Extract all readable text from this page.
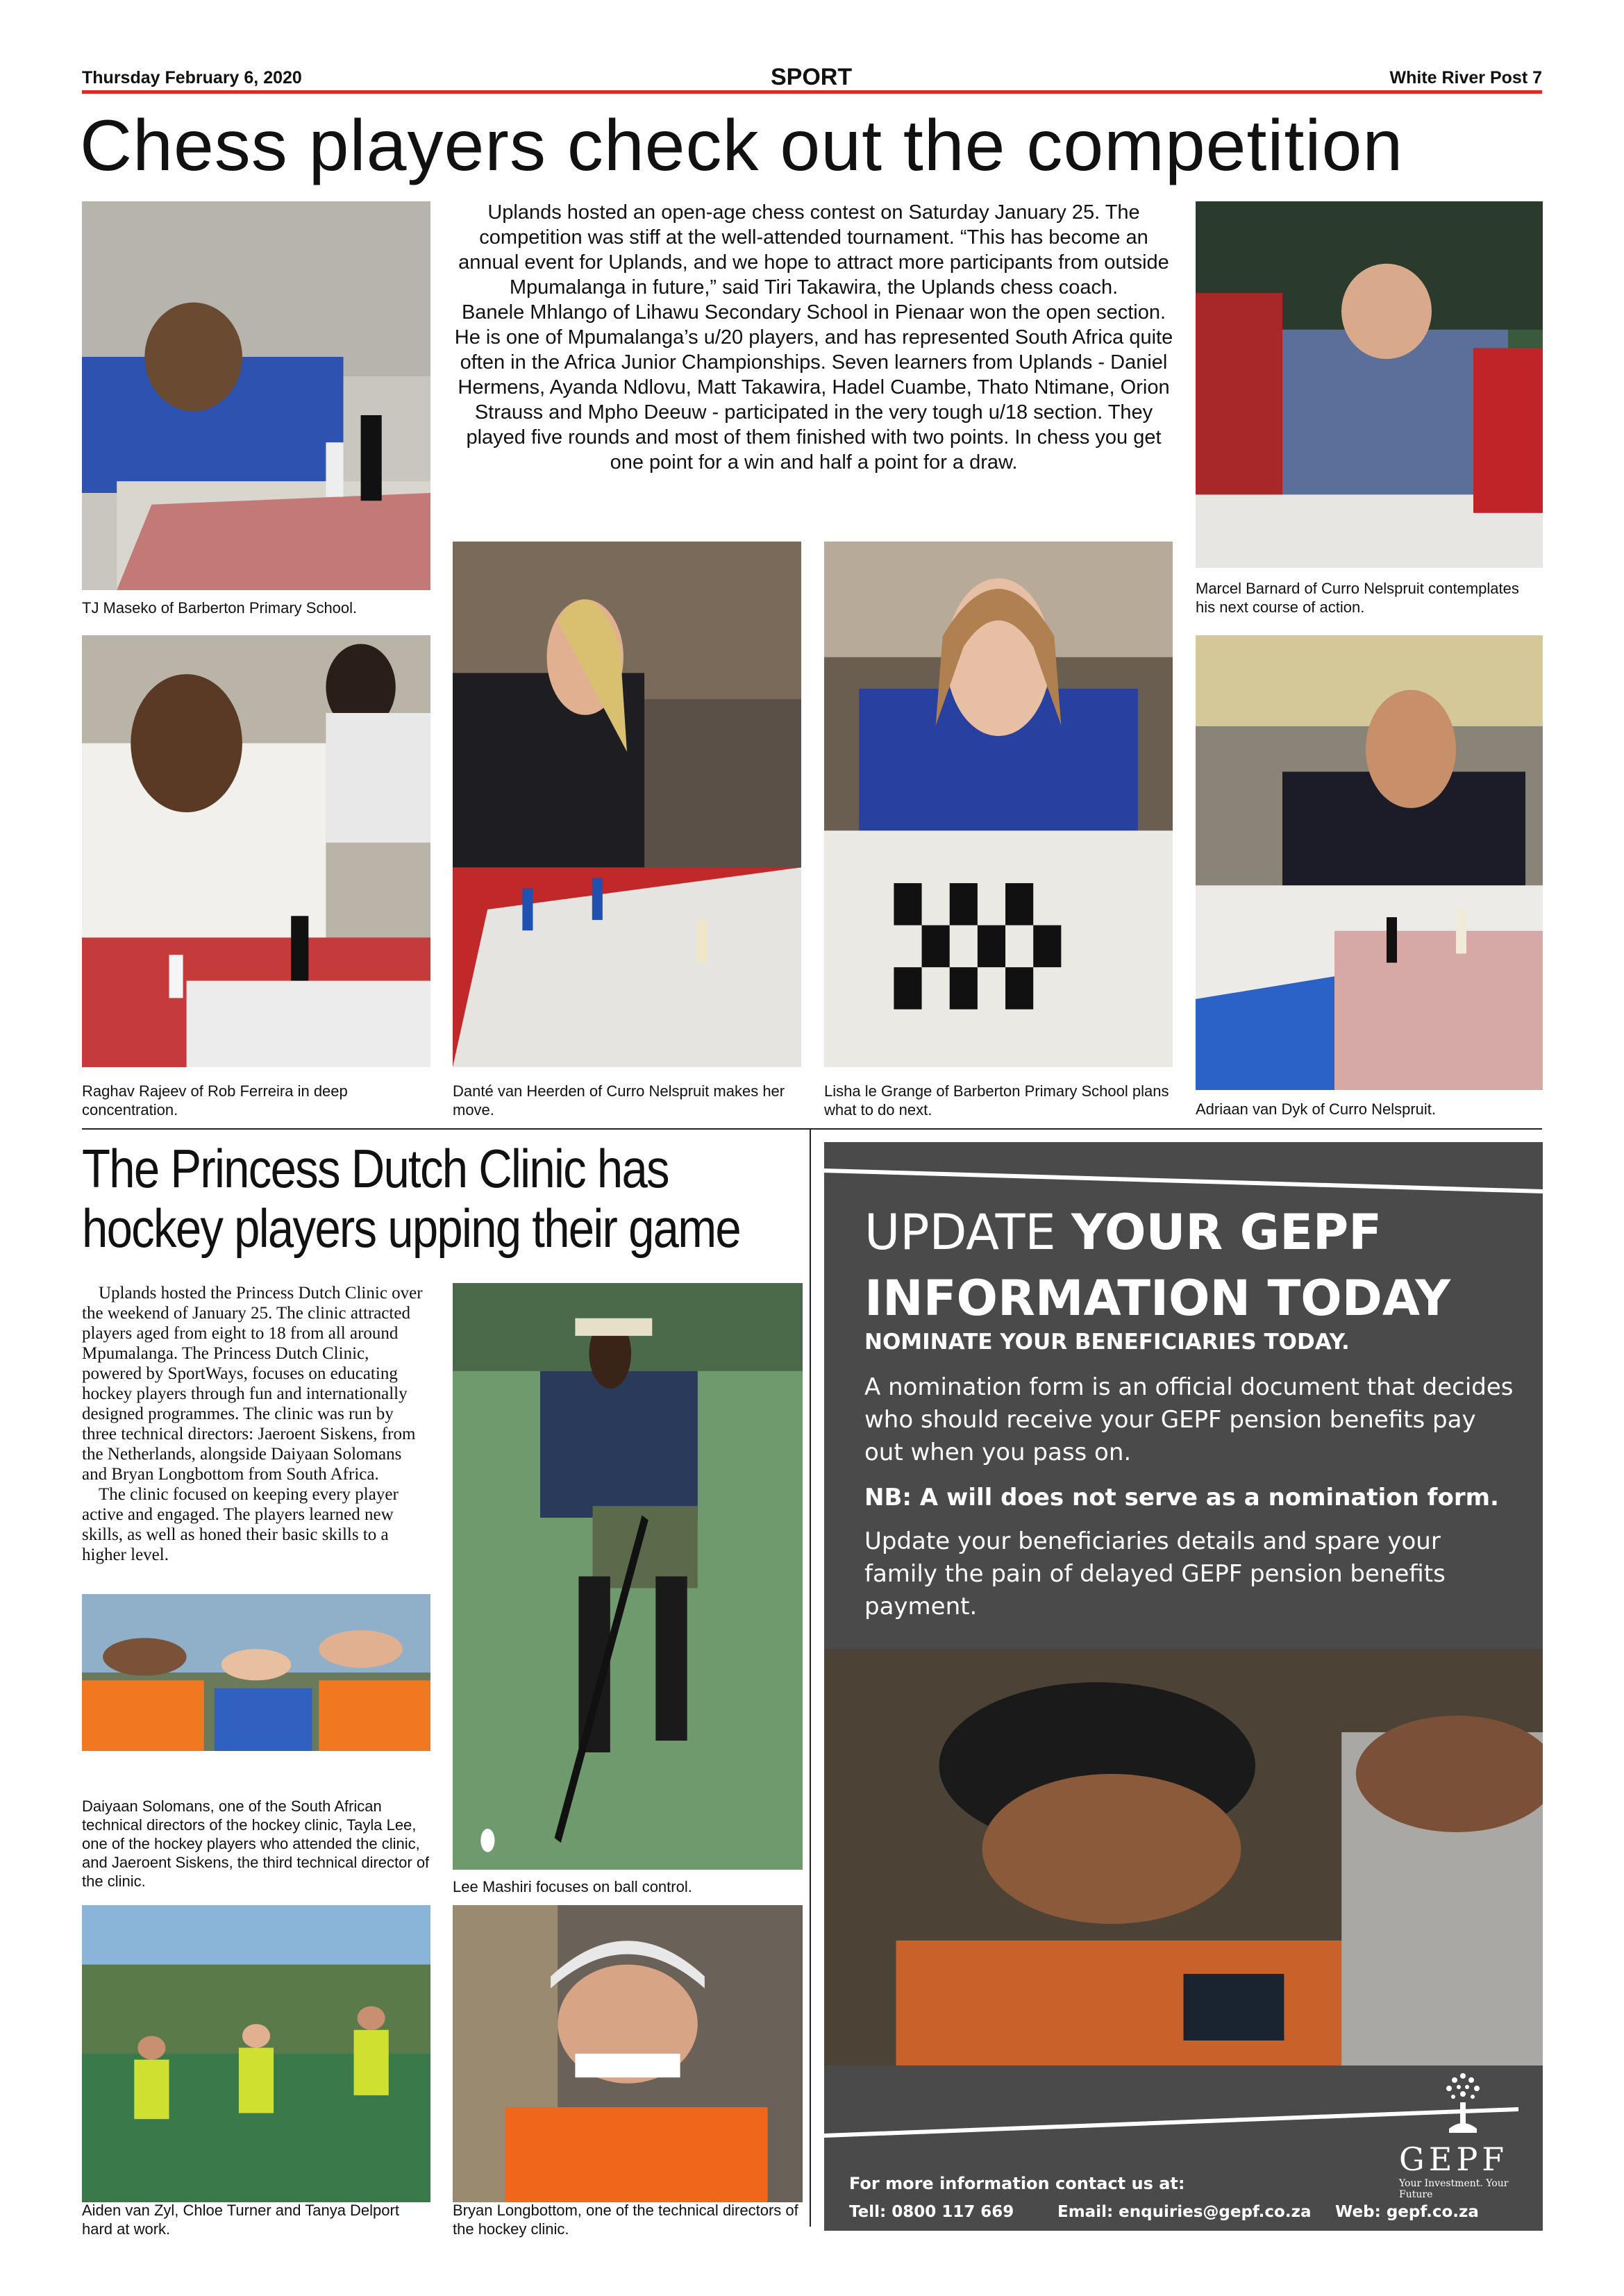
Thursday February 6, 2020	SPORT	White River Post 7
Chess players check out the competition
TJ Maseko of Barberton Primary School.
Uplands hosted an open-age chess contest on Saturday January 25. The competition was stiff at the well-attended tournament. “This has become an annual event for Uplands, and we hope to attract more participants from outside Mpumalanga in future,” said Tiri Takawira, the Uplands chess coach.
Banele Mhlango of Lihawu Secondary School in Pienaar won the open section. He is one of Mpumalanga’s u/20 players, and has represented South Africa quite often in the Africa Junior Championships. Seven learners from Uplands - Daniel Hermens, Ayanda Ndlovu, Matt Takawira, Hadel Cuambe, Thato Ntimane, Orion Strauss and Mpho Deeuw - participated in the very tough u/18 section. They played five rounds and most of them finished with two points. In chess you get one point for a win and half a point for a draw.
Marcel Barnard of Curro Nelspruit contemplates his next course of action.
Raghav Rajeev of Rob Ferreira in deep concentration.
Danté van Heerden of Curro Nelspruit makes her move.
Lisha le Grange of Barberton Primary School plans what to do next.	Adriaan van Dyk of Curro Nelspruit.
The Princess Dutch Clinic has hockey players upping their game
Uplands hosted the Princess Dutch Clinic over the weekend of January 25. The clinic attracted players aged from eight to 18 from all around Mpumalanga. The Princess Dutch Clinic, powered by SportWays, focuses on educating hockey players through fun and internationally designed programmes. The clinic was run by three technical directors: Jaeroent Siskens, from the Netherlands, alongside Daiyaan Solomans and Bryan Longbottom from South Africa.
The clinic focused on keeping every player active and engaged. The players learned new skills, as well as honed their basic skills to a higher level.
Daiyaan Solomans, one of the South African technical directors of the hockey clinic, Tayla Lee, one of the hockey players who attended the clinic, and Jaeroent Siskens, the third technical director of the clinic.	Lee Mashiri focuses on ball control.
Aiden van Zyl, Chloe Turner and Tanya Delport hard at work.
Bryan Longbottom, one of the technical directors of the hockey clinic.
UPDATE YOUR GEPF
INFORMATION TODAY
NOMINATE YOUR BENEFICIARIES TODAY.
A nomination form is an official document that decides who should receive your GEPF pension benefits pay out when you pass on.
NB: A will does not serve as a nomination form.
Update your beneficiaries details and spare your family the pain of delayed GEPF pension benefits payment.
GEPF
Your Investment. Your Future
For more information contact us at:
Tell: 0800 117 669	Email: enquiries@gepf.co.za Web: gepf.co.za
